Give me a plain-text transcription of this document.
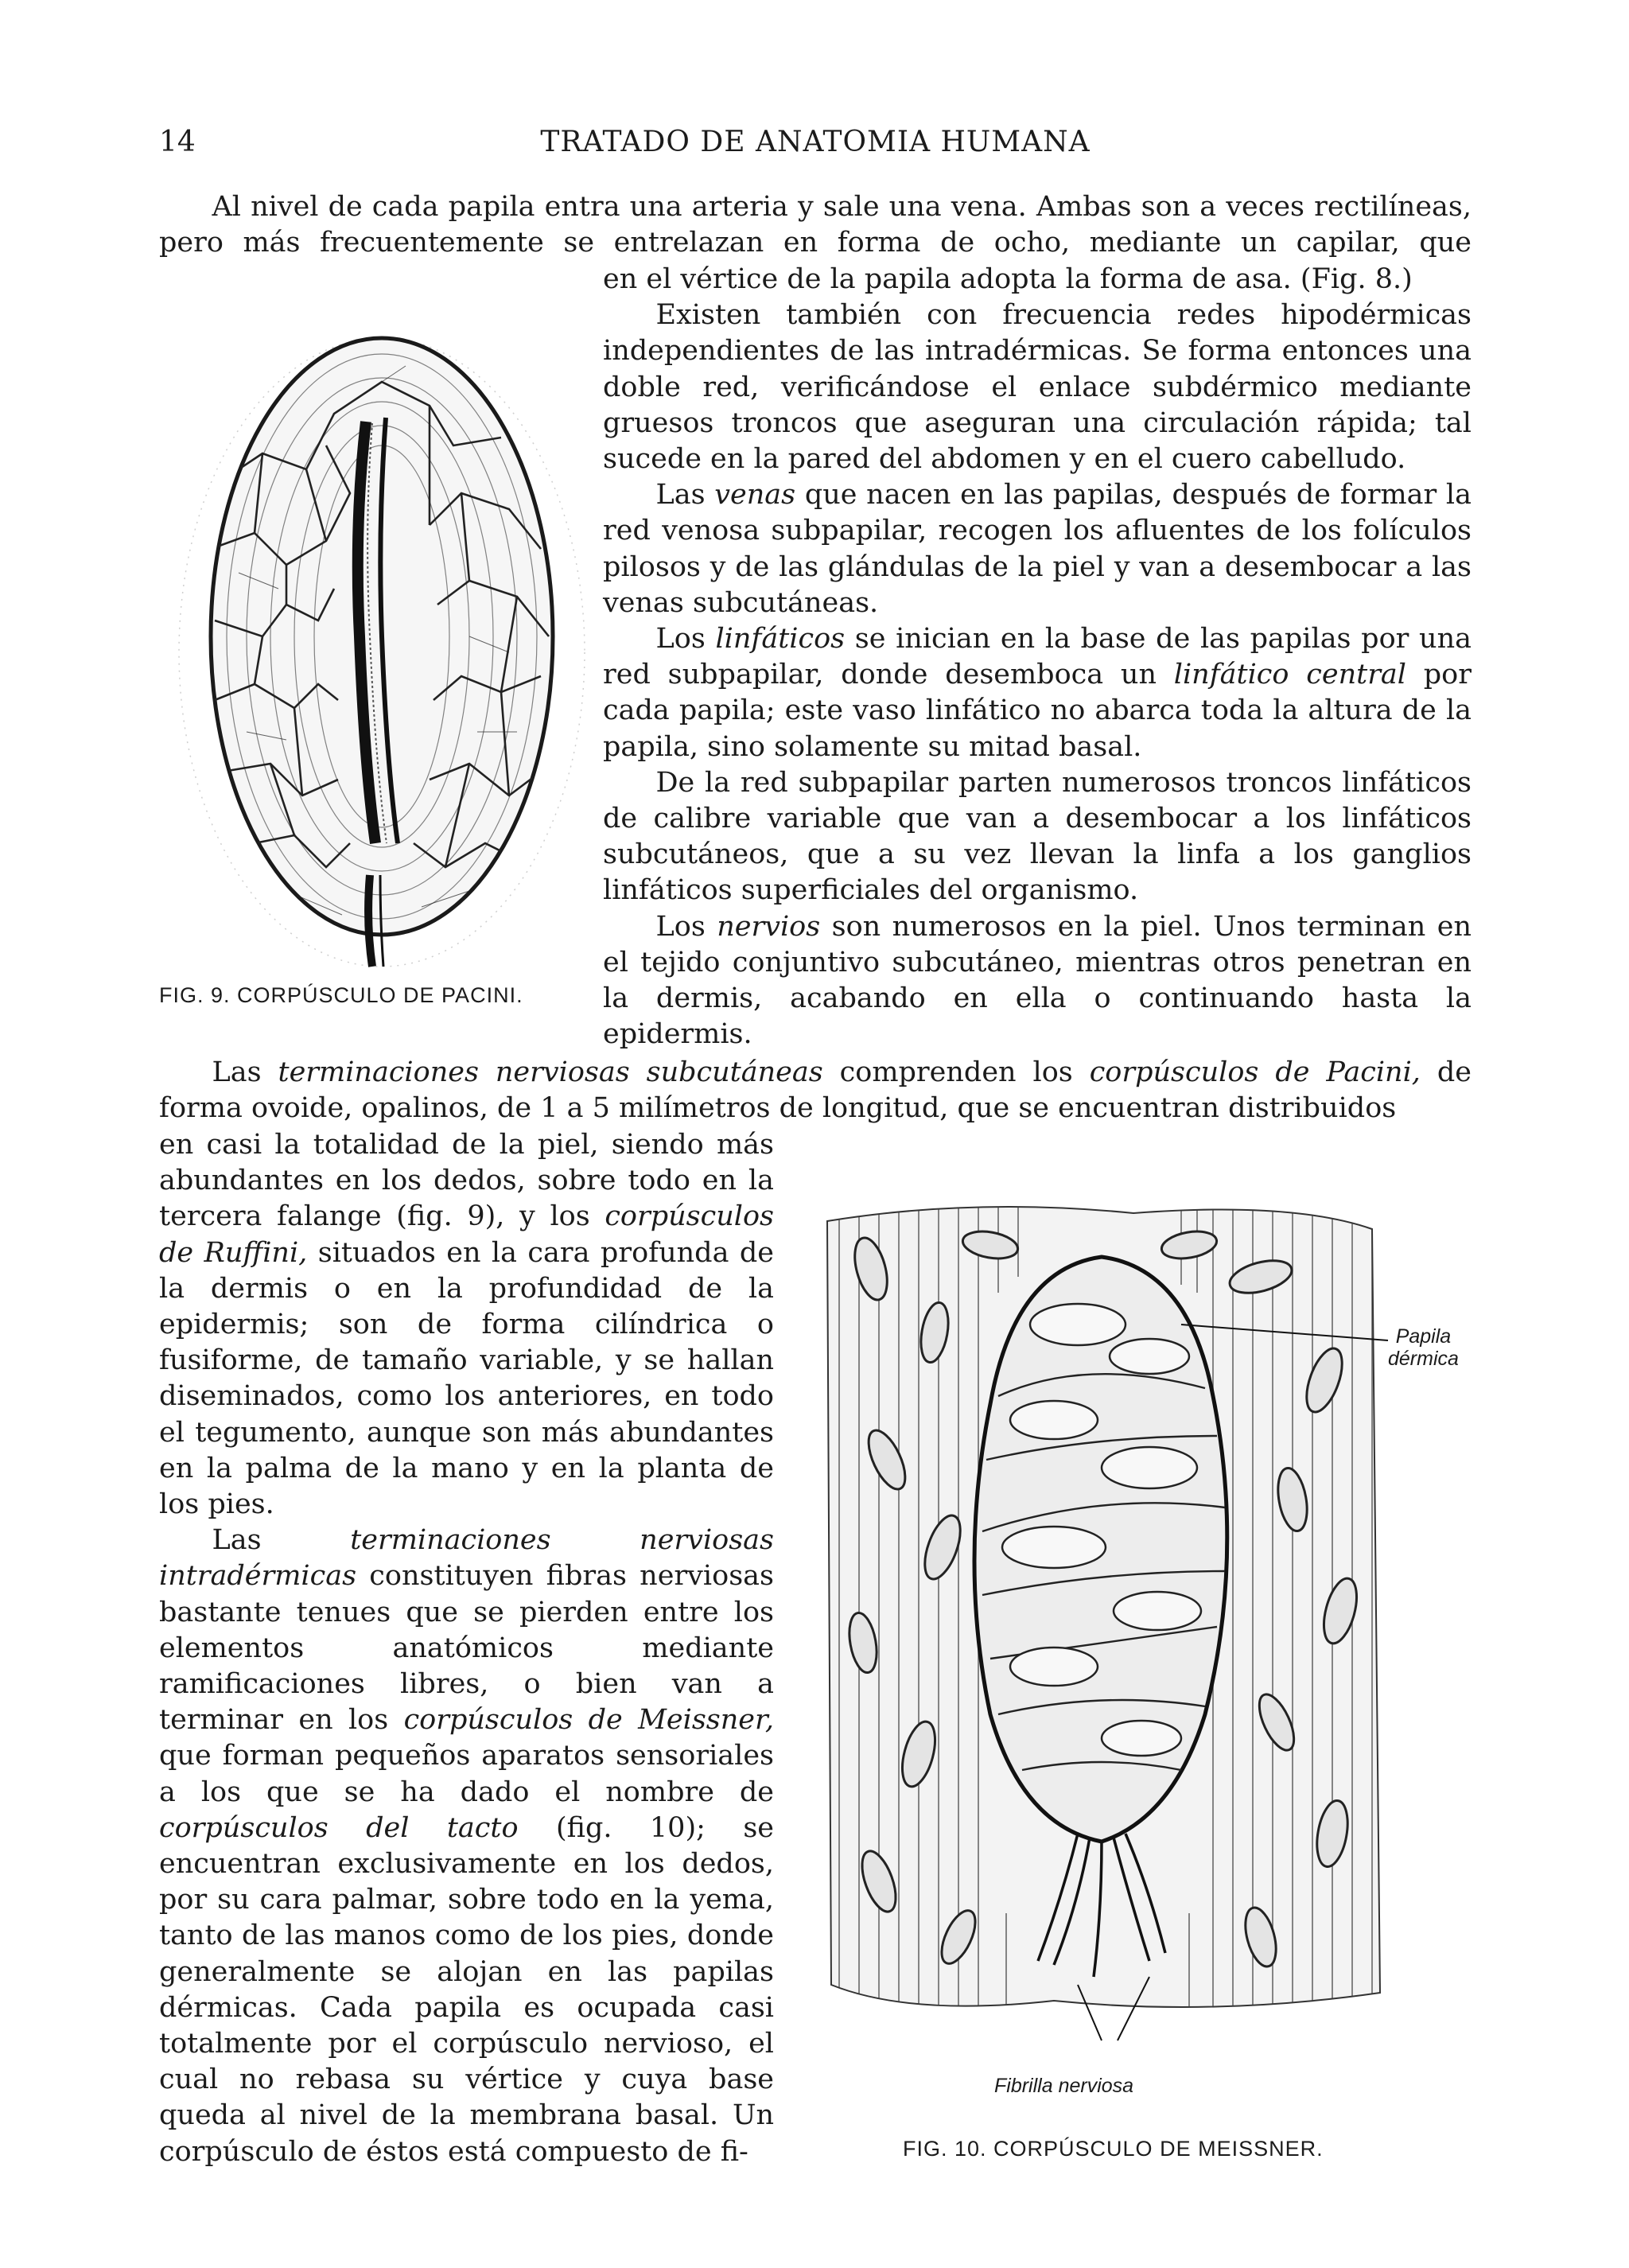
14	TRATADO DE ANATOMIA HUMANA

Al nivel de cada papila entra una arteria y sale una vena. Ambas son a veces rectilíneas, pero más frecuentemente se entrelazan en forma de ocho, mediante un capilar, que

en el vértice de la papila adopta la forma de asa. (Fig. 8.)

Existen también con frecuencia redes hipodérmicas independientes de las intradérmicas. Se forma entonces una doble red, verificándose el enlace subdérmico mediante gruesos troncos que aseguran una circulación rápida; tal sucede en la pared del abdomen y en el cuero cabelludo.

Las venas que nacen en las papilas, después de formar la red venosa subpapilar, recogen los afluentes de los folículos pilosos y de las glándulas de la piel y van a desembocar a las venas subcutáneas.

Los linfáticos se inician en la base de las papilas por una red subpapilar, donde desemboca un linfático central por cada papila; este vaso linfático no abarca toda la altura de la papila, sino solamente su mitad basal.

De la red subpapilar parten numerosos troncos linfáticos de calibre variable que van a desembocar a los linfáticos subcutáneos, que a su vez llevan la linfa a los ganglios linfáticos superficiales del organismo.

Los nervios son numerosos en la piel. Unos terminan en el tejido conjuntivo subcutáneo, mientras otros penetran en la dermis, acabando en ella o continuando hasta la epidermis.

FIG. 9. CORPÚSCULO DE PACINI.

Las terminaciones nerviosas subcutáneas comprenden los corpúsculos de Pacini, de forma ovoide, opalinos, de 1 a 5 milímetros de longitud, que se encuentran distribuidos

en casi la totalidad de la piel, siendo más abundantes en los dedos, sobre todo en la tercera falange (fig. 9), y los corpúsculos de Ruffini, situados en la cara profunda de la dermis o en la profundidad de la epidermis; son de forma cilíndrica o fusiforme, de tamaño variable, y se hallan diseminados, como los anteriores, en todo el tegumento, aunque son más abundantes en la palma de la mano y en la planta de los pies.

Las terminaciones nerviosas intradérmicas constituyen fibras nerviosas bastante tenues que se pierden entre los elementos anatómicos mediante ramificaciones libres, o bien van a terminar en los corpúsculos de Meissner, que forman pequeños aparatos sensoriales a los que se ha dado el nombre de corpúsculos del tacto (fig. 10); se encuentran exclusivamente en los dedos, por su cara palmar, sobre todo en la yema, tanto de las manos como de los pies, donde generalmente se alojan en las papilas dérmicas. Cada papila es ocupada casi totalmente por el corpúsculo nervioso, el cual no rebasa su vértice y cuya base queda al nivel de la membrana basal. Un corpúsculo de éstos está compuesto de fi-

Papila
dérmica

Fibrilla nerviosa

FIG. 10. CORPÚSCULO DE MEISSNER.
